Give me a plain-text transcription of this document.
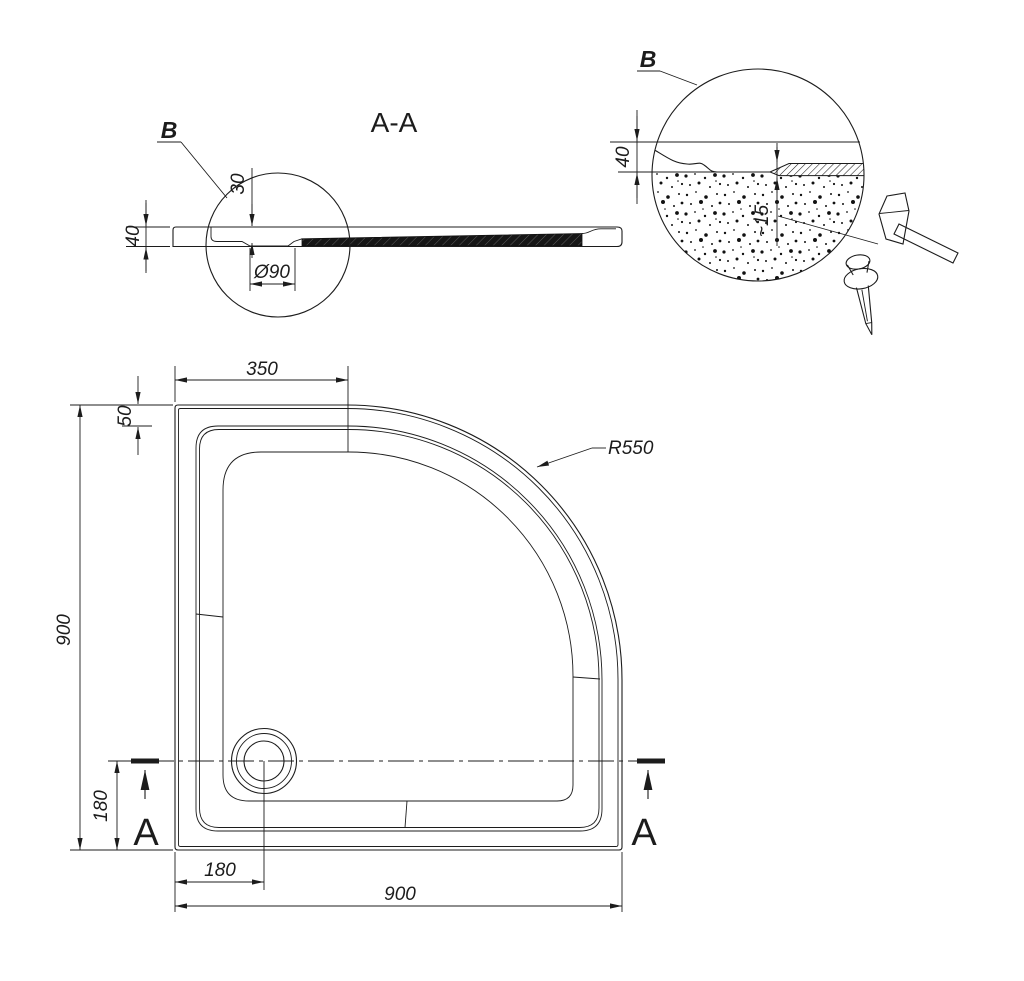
A-A
B
40
30
Ø90
B
40
~15
A	A
350
50
900
180
180
900
R550
